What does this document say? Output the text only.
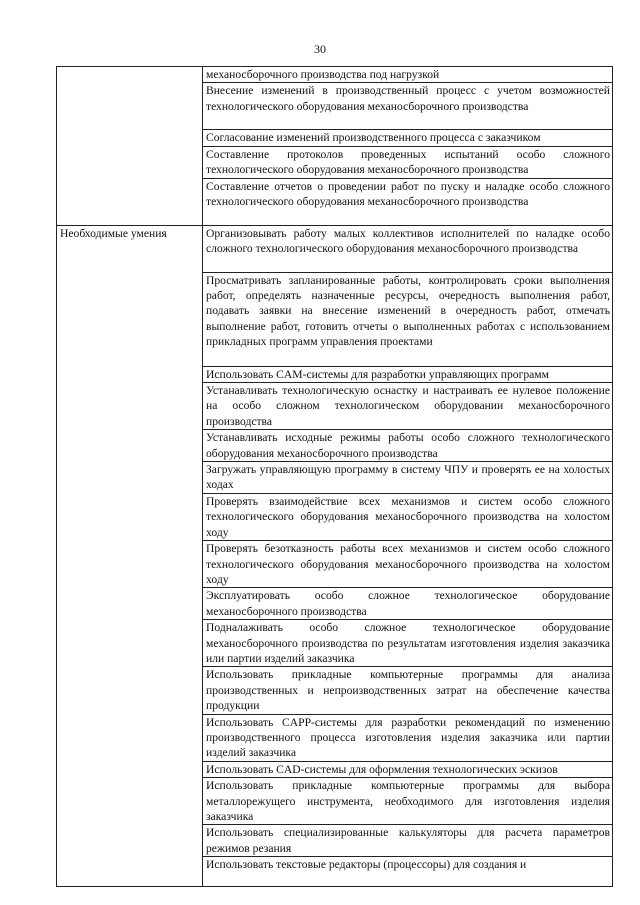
30
	механосборочного производства под нагрузкой
	Внесение изменений в производственный процесс с учетом возможностей технологического оборудования механосборочного производства
	Согласование изменений производственного процесса с заказчиком
	Составление протоколов проведенных испытаний особо сложного технологического оборудования механосборочного производства
	Составление отчетов о проведении работ по пуску и наладке особо сложного технологического оборудования механосборочного производства
Необходимые умения	Организовывать работу малых коллективов исполнителей по наладке особо сложного технологического оборудования механосборочного производства
	Просматривать запланированные работы, контролировать сроки выполнения работ, определять назначенные ресурсы, очередность выполнения работ, подавать заявки на внесение изменений в очередность работ, отмечать выполнение работ, готовить отчеты о выполненных работах с использованием прикладных программ управления проектами
	Использовать CAM-системы для разработки управляющих программ
	Устанавливать технологическую оснастку и настраивать ее нулевое положение на особо сложном технологическом оборудовании механосборочного производства
	Устанавливать исходные режимы работы особо сложного технологического оборудования механосборочного производства
	Загружать управляющую программу в систему ЧПУ и проверять ее на холостых ходах
	Проверять взаимодействие всех механизмов и систем особо сложного технологического оборудования механосборочного производства на холостом ходу
	Проверять безотказность работы всех механизмов и систем особо сложного технологического оборудования механосборочного производства на холостом ходу
	Эксплуатировать особо сложное технологическое оборудование механосборочного производства
	Подналаживать особо сложное технологическое оборудование механосборочного производства по результатам изготовления изделия заказчика или партии изделий заказчика
	Использовать прикладные компьютерные программы для анализа производственных и непроизводственных затрат на обеспечение качества продукции
	Использовать CAPP-системы для разработки рекомендаций по изменению производственного процесса изготовления изделия заказчика или партии изделий заказчика
	Использовать CAD-системы для оформления технологических эскизов
	Использовать прикладные компьютерные программы для выбора металлорежущего инструмента, необходимого для изготовления изделия заказчика
	Использовать специализированные калькуляторы для расчета параметров режимов резания
	Использовать текстовые редакторы (процессоры) для создания и
